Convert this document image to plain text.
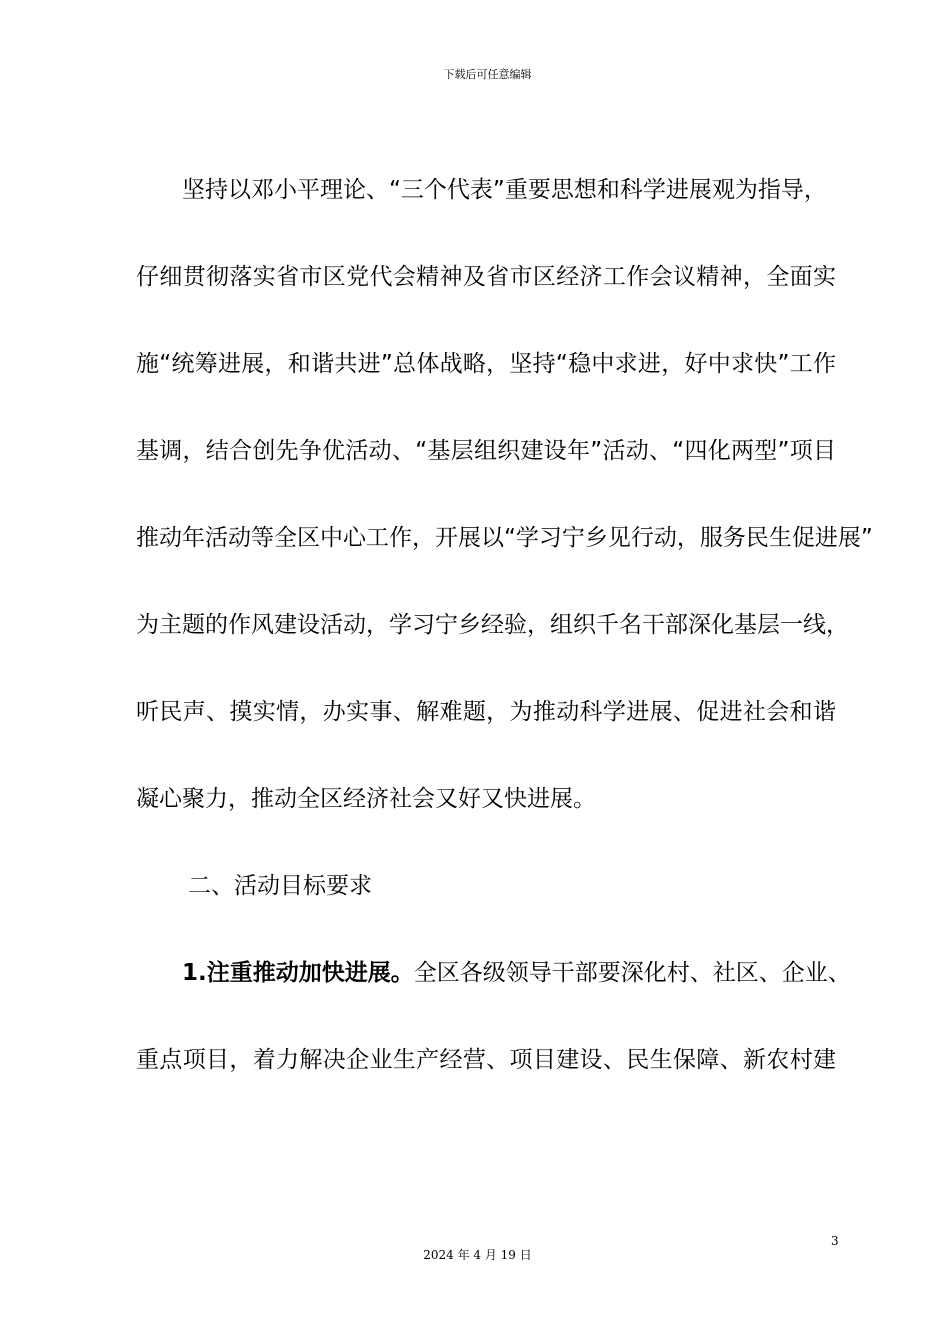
下载后可任意编辑
坚持以邓小平理论、“三个代表”重要思想和科学进展观为指导，
仔细贯彻落实省市区党代会精神及省市区经济工作会议精神，全面实
施“统筹进展，和谐共进”总体战略，坚持“稳中求进，好中求快”工作
基调，结合创先争优活动、“基层组织建设年”活动、“四化两型”项目
推动年活动等全区中心工作，开展以“学习宁乡见行动，服务民生促进展”
为主题的作风建设活动，学习宁乡经验，组织千名干部深化基层一线，
听民声、摸实情，办实事、解难题，为推动科学进展、促进社会和谐
凝心聚力，推动全区经济社会又好又快进展。
二、活动目标要求
1.注重推动加快进展。全区各级领导干部要深化村、社区、企业、
重点项目，着力解决企业生产经营、项目建设、民生保障、新农村建
3
2024 年 4 月 19 日
